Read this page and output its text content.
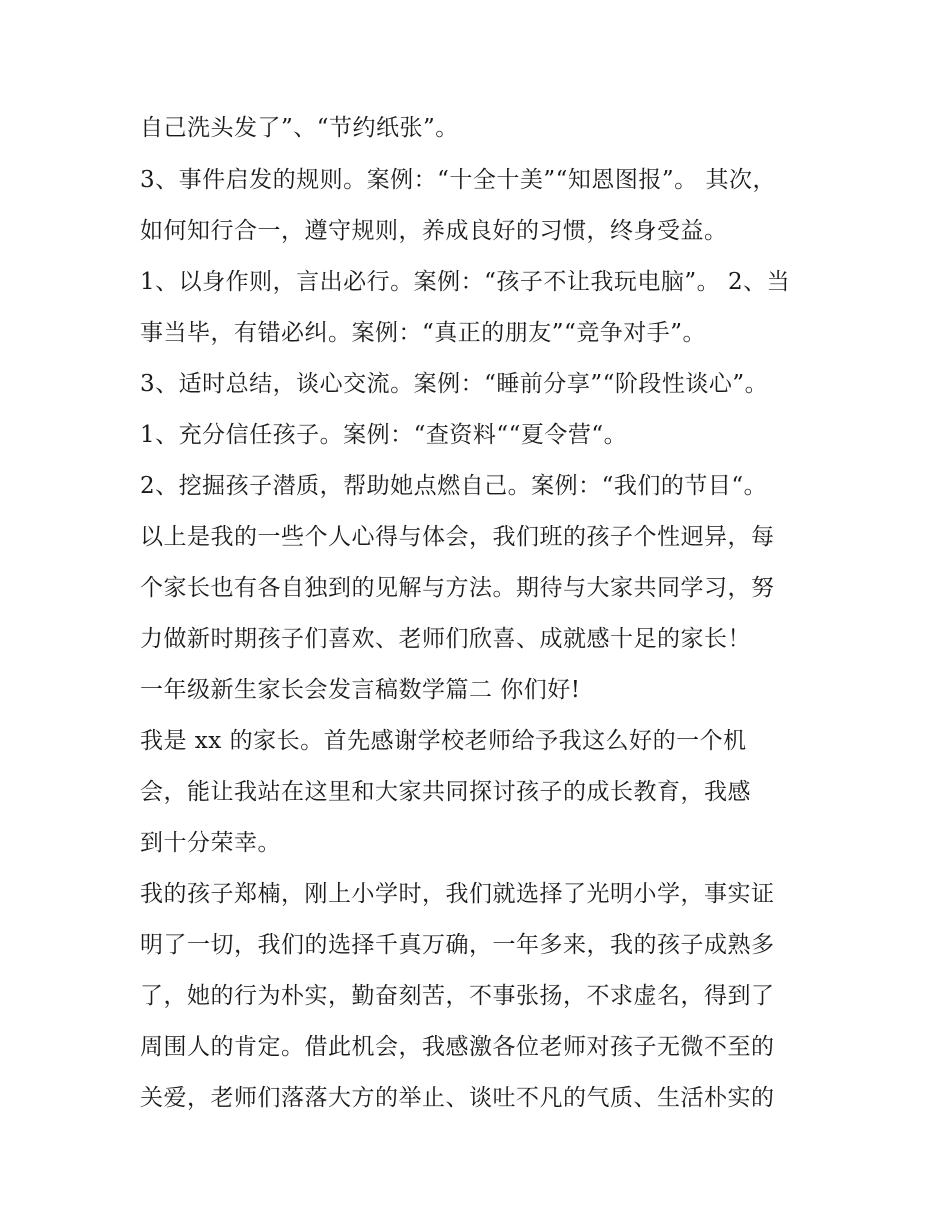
自己洗头发了”、“节约纸张”。
3、事件启发的规则。案例：“十全十美”“知恩图报”。 其次，
如何知行合一，遵守规则，养成良好的习惯，终身受益。
1、以身作则，言出必行。案例：“孩子不让我玩电脑”。 2、当
事当毕，有错必纠。案例：“真正的朋友”“竞争对手”。
3、适时总结，谈心交流。案例：“睡前分享”“阶段性谈心”。
1、充分信任孩子。案例：“查资料““夏令营“。
2、挖掘孩子潜质，帮助她点燃自己。案例：“我们的节目“。
以上是我的一些个人心得与体会，我们班的孩子个性迥异，每
个家长也有各自独到的见解与方法。期待与大家共同学习，努
力做新时期孩子们喜欢、老师们欣喜、成就感十足的家长！
一年级新生家长会发言稿数学篇二 你们好!
我是 xx 的家长。首先感谢学校老师给予我这么好的一个机
会，能让我站在这里和大家共同探讨孩子的成长教育，我感
到十分荣幸。
我的孩子郑楠，刚上小学时，我们就选择了光明小学，事实证
明了一切，我们的选择千真万确，一年多来，我的孩子成熟多
了，她的行为朴实，勤奋刻苦，不事张扬，不求虚名，得到了
周围人的肯定。借此机会，我感激各位老师对孩子无微不至的
关爱，老师们落落大方的举止、谈吐不凡的气质、生活朴实的
